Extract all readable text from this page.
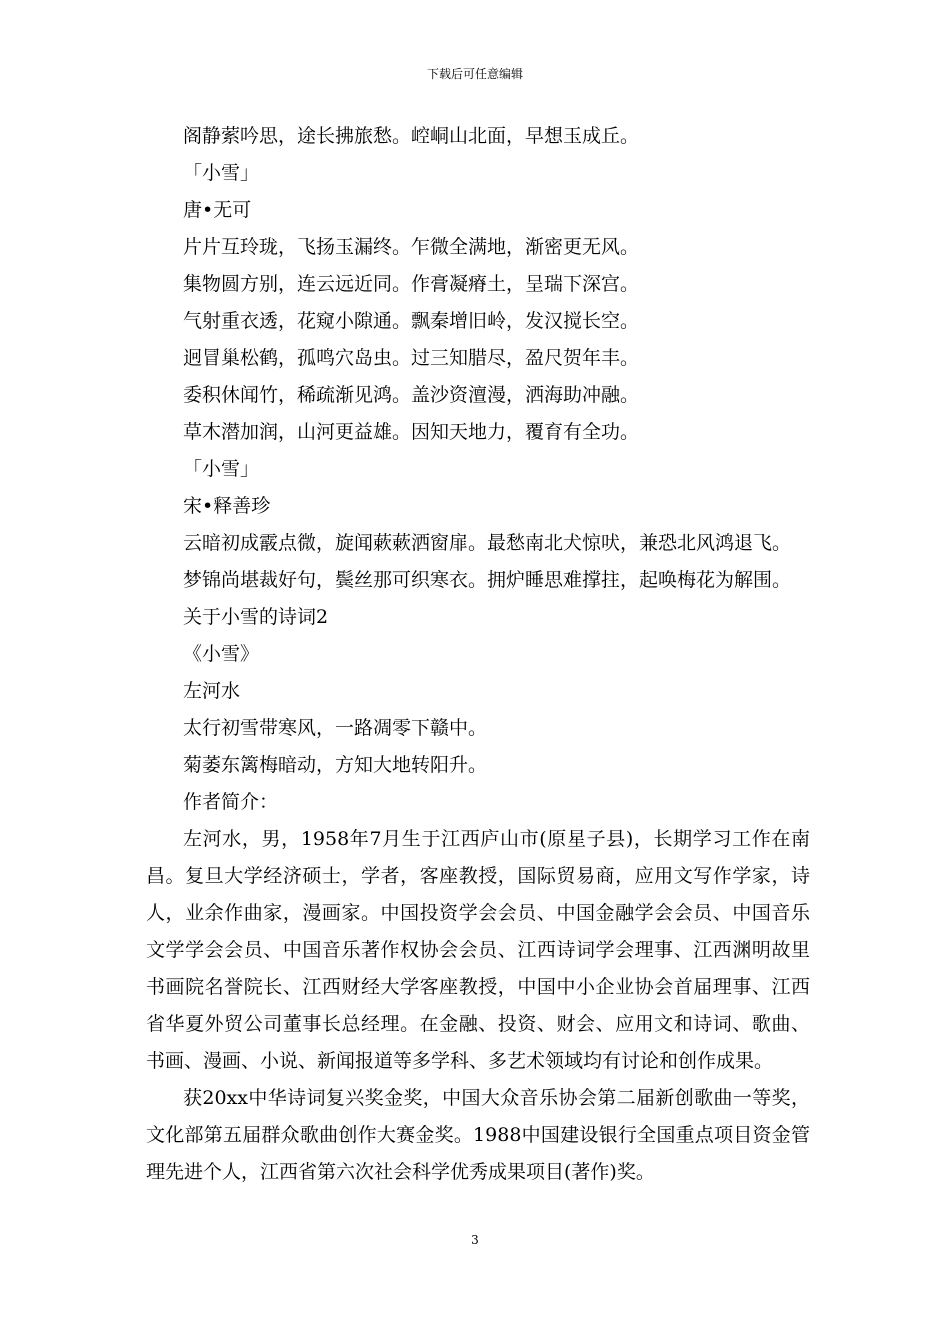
下载后可任意编辑
阁静萦吟思，途长拂旅愁。崆峒山北面，早想玉成丘。
「小雪」
唐•无可
片片互玲珑，飞扬玉漏终。乍微全满地，渐密更无风。
集物圆方别，连云远近同。作膏凝瘠土，呈瑞下深宫。
气射重衣透，花窥小隙通。飘秦增旧岭，发汉搅长空。
迥冒巢松鹤，孤鸣穴岛虫。过三知腊尽，盈尺贺年丰。
委积休闻竹，稀疏渐见鸿。盖沙资澶漫，洒海助冲融。
草木潜加润，山河更益雄。因知天地力，覆育有全功。
「小雪」
宋•释善珍
云暗初成霰点微，旋闻蔌蔌洒窗扉。最愁南北犬惊吠，兼恐北风鸿退飞。
梦锦尚堪裁好句，鬓丝那可织寒衣。拥炉睡思难撑拄，起唤梅花为解围。
关于小雪的诗词2
《小雪》
左河水
太行初雪带寒风，一路凋零下赣中。
菊萎东篱梅暗动，方知大地转阳升。
作者简介：

左河水，男，1958年7月生于江西庐山市(原星子县)，长期学习工作在南昌。复旦大学经济硕士，学者，客座教授，国际贸易商，应用文写作学家，诗人，业余作曲家，漫画家。中国投资学会会员、中国金融学会会员、中国音乐文学学会会员、中国音乐著作权协会会员、江西诗词学会理事、江西渊明故里书画院名誉院长、江西财经大学客座教授，中国中小企业协会首届理事、江西省华夏外贸公司董事长总经理。在金融、投资、财会、应用文和诗词、歌曲、书画、漫画、小说、新闻报道等多学科、多艺术领域均有讨论和创作成果。

获20xx中华诗词复兴奖金奖，中国大众音乐协会第二届新创歌曲一等奖，文化部第五届群众歌曲创作大赛金奖。1988中国建设银行全国重点项目资金管理先进个人，江西省第六次社会科学优秀成果项目(著作)奖。

3
